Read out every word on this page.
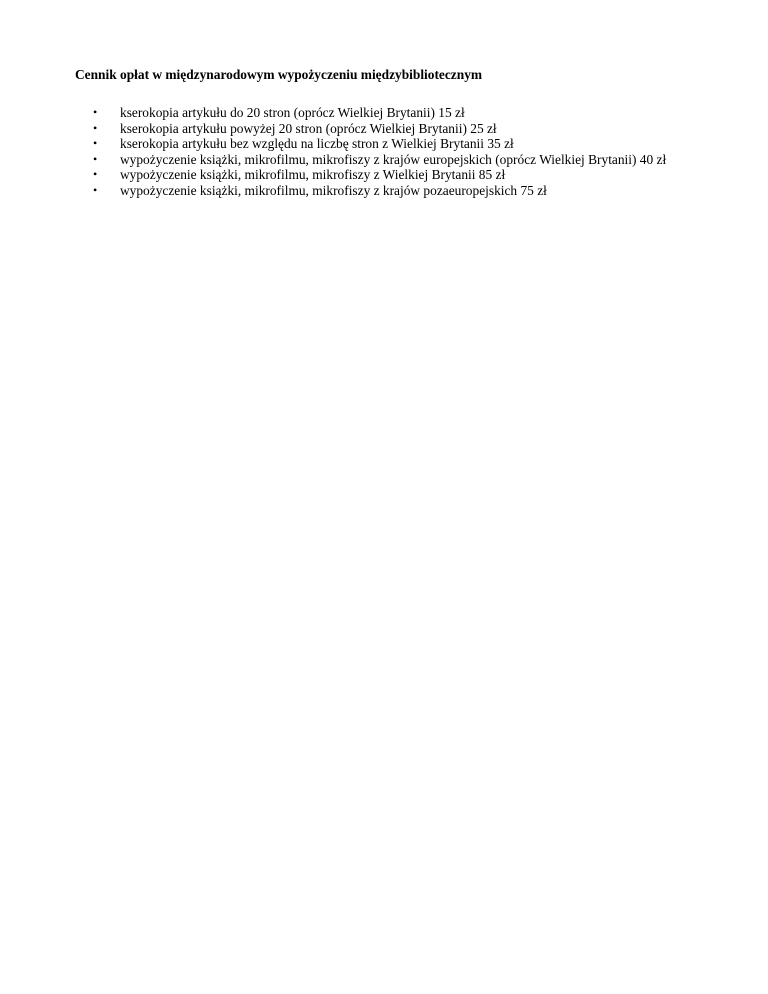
Cennik opłat w międzynarodowym wypożyczeniu międzybibliotecznym
• kserokopia artykułu do 20 stron (oprócz Wielkiej Brytanii) 15 zł
• kserokopia artykułu powyżej 20 stron (oprócz Wielkiej Brytanii) 25 zł
• kserokopia artykułu bez względu na liczbę stron z Wielkiej Brytanii 35 zł
• wypożyczenie książki, mikrofilmu, mikrofiszy z krajów europejskich (oprócz Wielkiej Brytanii) 40 zł
• wypożyczenie książki, mikrofilmu, mikrofiszy z Wielkiej Brytanii 85 zł
• wypożyczenie książki, mikrofilmu, mikrofiszy z krajów pozaeuropejskich 75 zł
